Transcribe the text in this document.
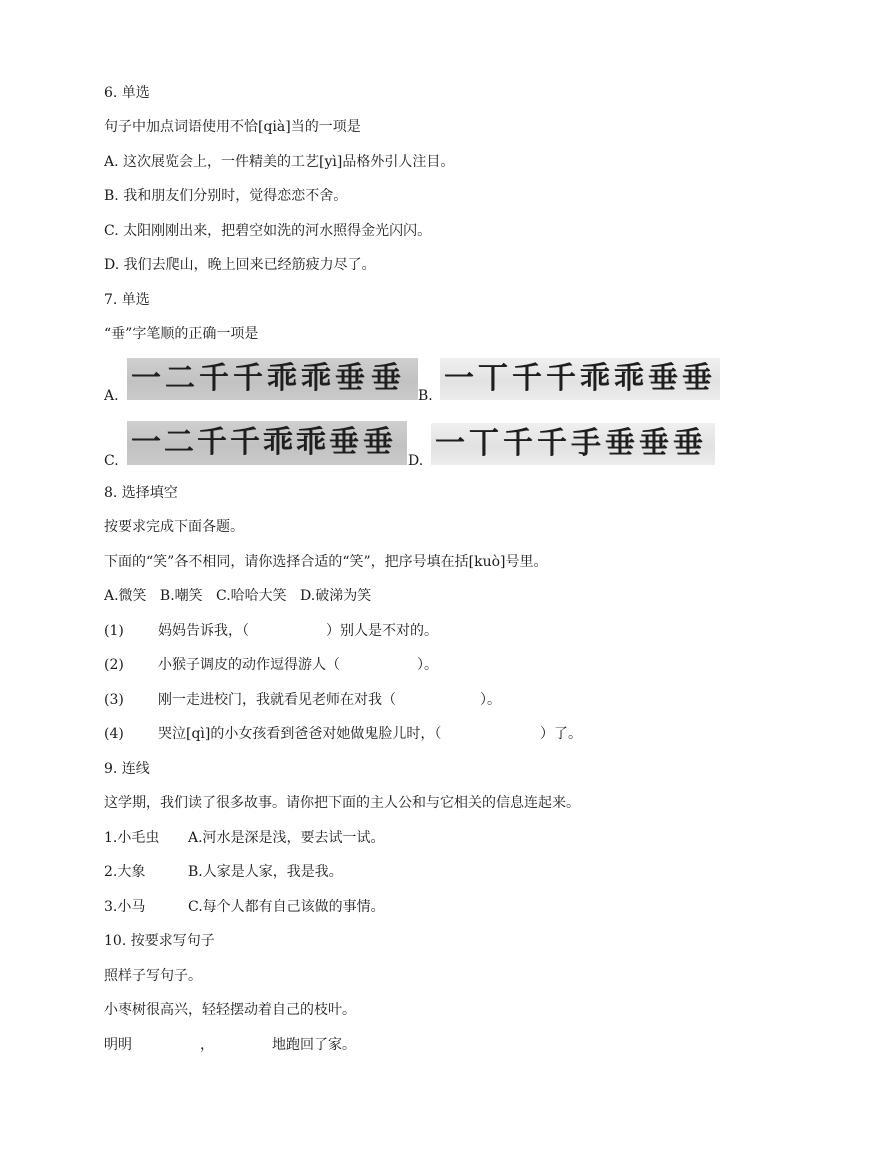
6. 单选
句子中加点词语使用不恰[qià]当的一项是
A. 这次展览会上，一件精美的工艺[yì]品格外引人注目。
B. 我和朋友们分别时，觉得恋恋不舍。
C. 太阳刚刚出来，把碧空如洗的河水照得金光闪闪。
D. 我们去爬山，晚上回来已经筋疲力尽了。
7. 单选
“垂”字笔顺的正确一项是
A. 一 二 千 千 乖 乖 垂 垂 B. 一 丅 千 千 乖 乖 垂 垂
C.
一 二 千 千 乖 乖 垂 垂
D. 一 丅 千 千 手 垂 垂 垂
8. 选择填空
按要求完成下面各题。
下面的“笑”各不相同，请你选择合适的“笑”，把序号填在括[kuò]号里。
A.微笑   B.嘲笑   C.哈哈大笑   D.破涕为笑
(1) 妈妈告诉我，（	）别人是不对的。
(2) 小猴子调皮的动作逗得游人（	）。
(3) 刚一走进校门，我就看见老师在对我（	）。
(4) 哭泣[qì]的小女孩看到爸爸对她做鬼脸儿时，（	）了。
9. 连线
这学期，我们读了很多故事。请你把下面的主人公和与它相关的信息连起来。
1.小毛虫 A.河水是深是浅，要去试一试。
2.大象	B.人家是人家，我是我。
3.小马	C.每个人都有自己该做的事情。
10. 按要求写句子
照样子写句子。
小枣树很高兴，轻轻摆动着自己的枝叶。
明明	，	地跑回了家。
